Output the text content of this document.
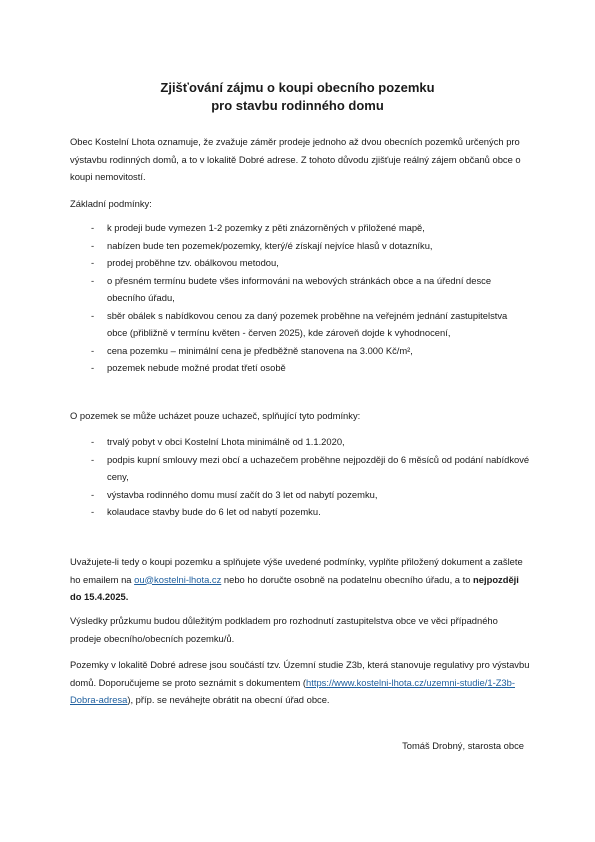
Zjišťování zájmu o koupi obecního pozemku
pro stavbu rodinného domu

Obec Kostelní Lhota oznamuje, že zvažuje záměr prodeje jednoho až dvou obecních pozemků určených pro výstavbu rodinných domů, a to v lokalitě Dobré adrese. Z tohoto důvodu zjišťuje reálný zájem občanů obce o koupi nemovitostí.

Základní podmínky:

- k prodeji bude vymezen 1-2 pozemky z pěti znázorněných v přiložené mapě,
- nabízen bude ten pozemek/pozemky, který/é získají nejvíce hlasů v dotazníku,
- prodej proběhne tzv. obálkovou metodou,
- o přesném termínu budete všes informováni na webových stránkách obce a na úřední desce obecního úřadu,
- sběr obálek s nabídkovou cenou za daný pozemek proběhne na veřejném jednání zastupitelstva obce (přibližně v termínu květen - červen 2025), kde zároveň dojde k vyhodnocení,
- cena pozemku – minimální cena je předběžně stanovena na 3.000 Kč/m²,
- pozemek nebude možné prodat třetí osobě

O pozemek se může ucházet pouze uchazeč, splňující tyto podmínky:

- trvalý pobyt v obci Kostelní Lhota minimálně od 1.1.2020,
- podpis kupní smlouvy mezi obcí a uchazečem proběhne nejpozději do 6 měsíců od podání nabídkové ceny,
- výstavba rodinného domu musí začít do 3 let od nabytí pozemku,
- kolaudace stavby bude do 6 let od nabytí pozemku.

Uvažujete-li tedy o koupi pozemku a splňujete výše uvedené podmínky, vyplňte přiložený dokument a zašlete ho emailem na ou@kostelni-lhota.cz nebo ho doručte osobně na podatelnu obecního úřadu, a to nejpozději do 15.4.2025.

Výsledky průzkumu budou důležitým podkladem pro rozhodnutí zastupitelstva obce ve věci případného prodeje obecního/obecních pozemku/ů.

Pozemky v lokalitě Dobré adrese jsou součástí tzv. Územní studie Z3b, která stanovuje regulativy pro výstavbu domů. Doporučujeme se proto seznámit s dokumentem (https://www.kostelni-lhota.cz/uzemni-studie/1-Z3b-Dobra-adresa), příp. se neváhejte obrátit na obecní úřad obce.

Tomáš Drobný, starosta obce
